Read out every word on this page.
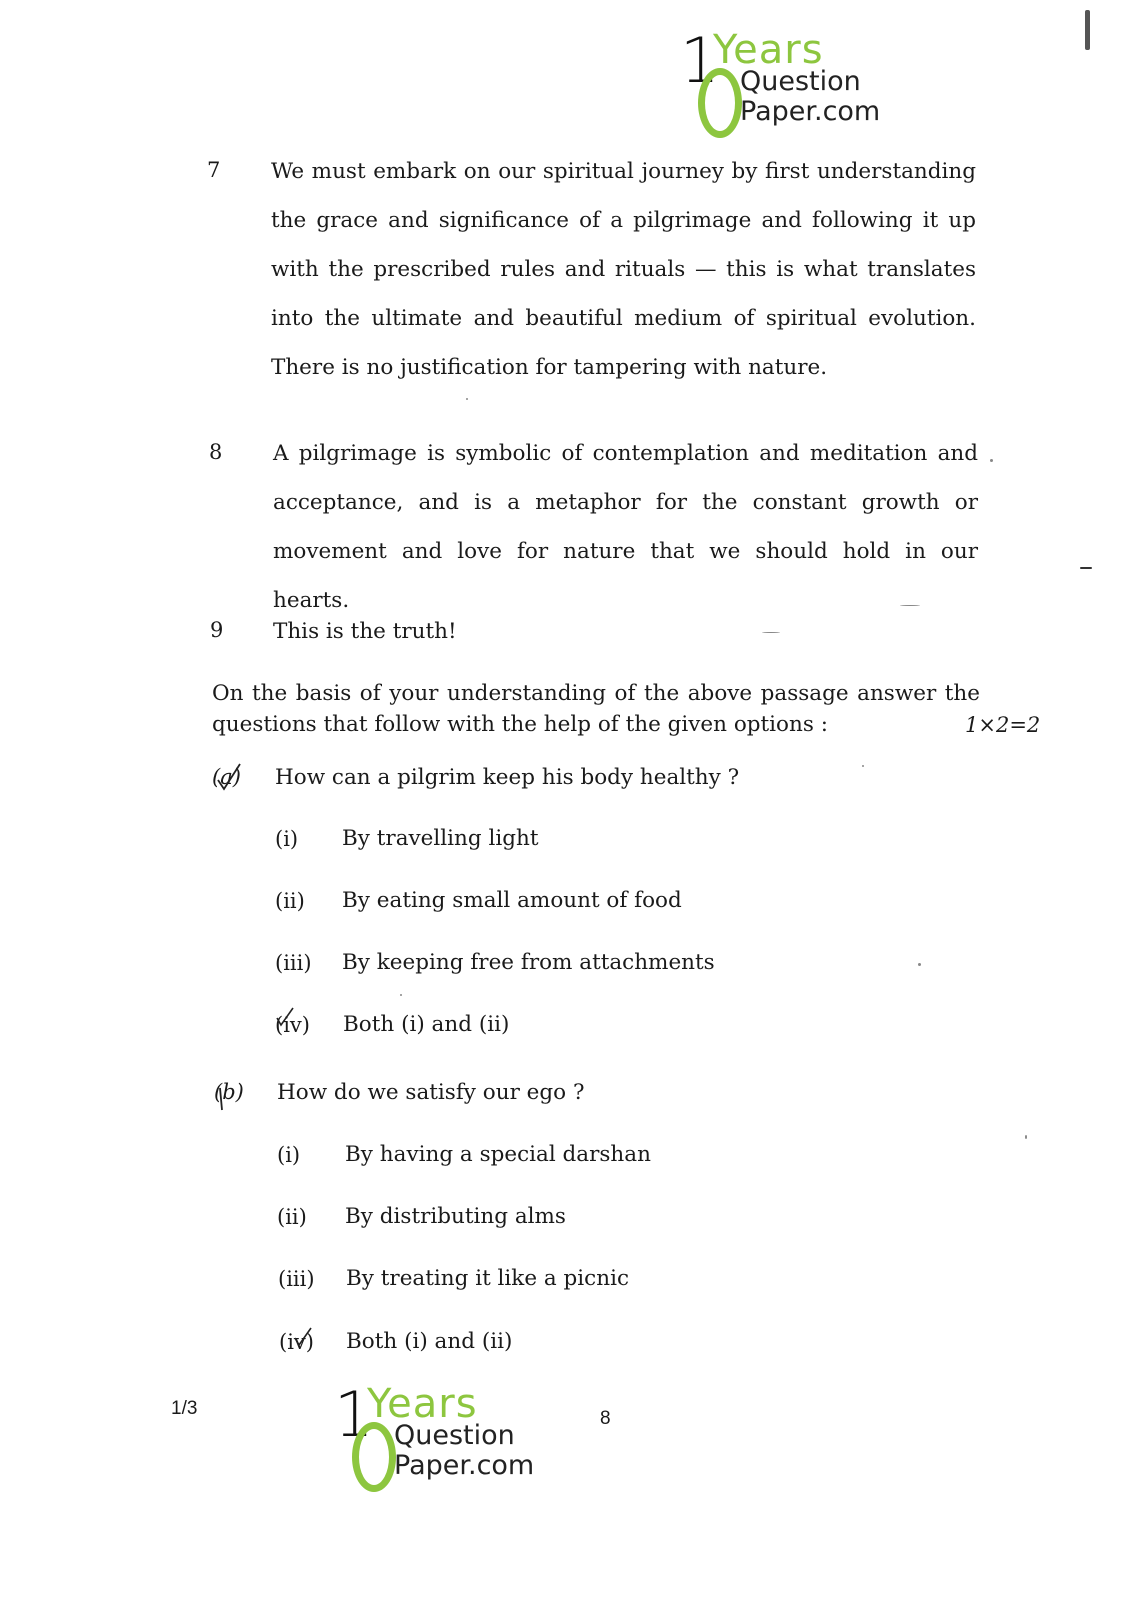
1
Years
Question
Paper.com
7 We must embark on our spiritual journey by first understanding the grace and significance of a pilgrimage and following it up with the prescribed rules and rituals — this is what translates into the ultimate and beautiful medium of spiritual evolution. There is no justification for tampering with nature.
8 A pilgrimage is symbolic of contemplation and meditation and acceptance, and is a metaphor for the constant growth or movement and love for nature that we should hold in our hearts.
9 This is the truth!
On the basis of your understanding of the above passage answer the questions that follow with the help of the given options :	1×2=2
(a) How can a pilgrim keep his body healthy ?
(i) By travelling light
(ii) By eating small amount of food
(iii) By keeping free from attachments
(iv) Both (i) and (ii)
(b) How do we satisfy our ego ?
(i) By having a special darshan
(ii) By distributing alms
(iii) By treating it like a picnic
(iv) Both (i) and (ii)
1/3	8
1
Years
Question
Paper.com
